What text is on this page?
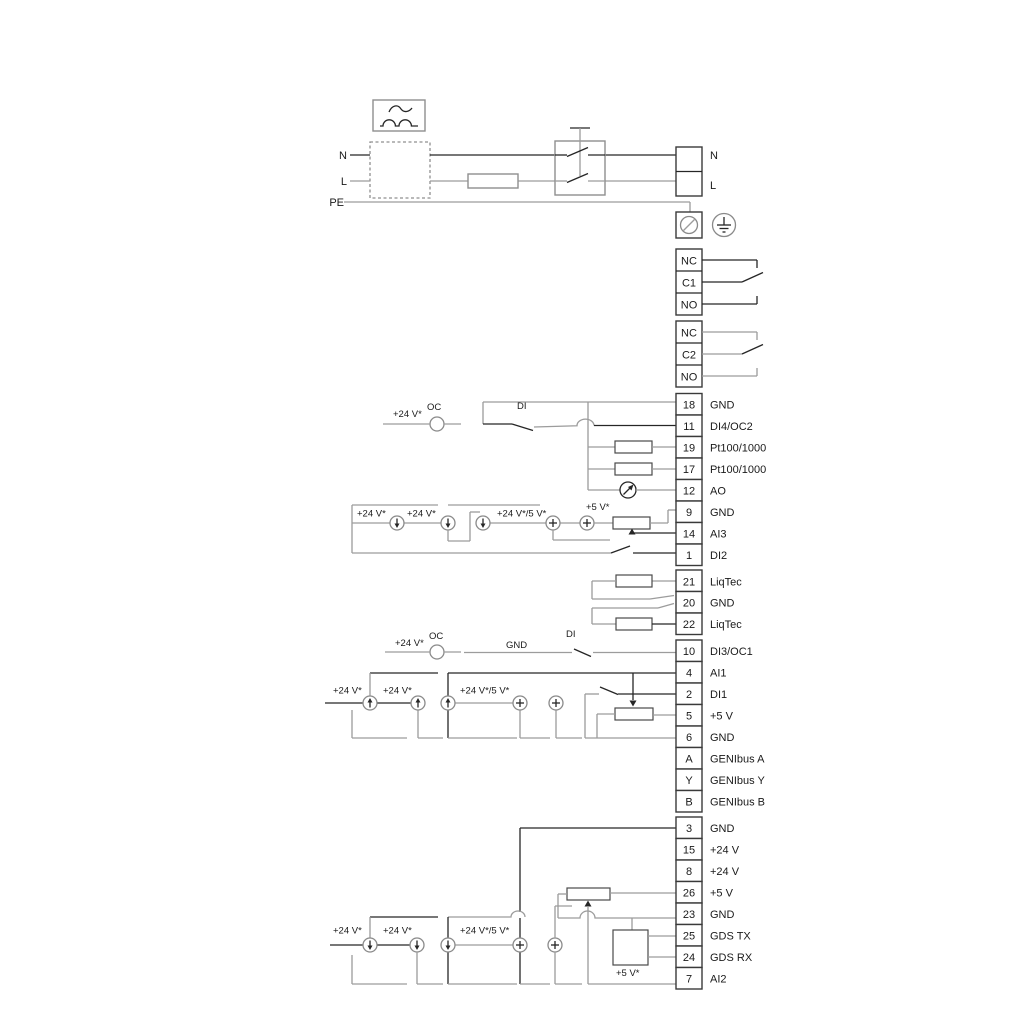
N
L
PE
N
L
NC
C1
NO
NC
C2
NO
+24 V*
OC	DI
+24 V* +24 V*	+24 V*/5 V*
+5 V*
+24 V*
OC
GND
DI
+24 V* +24 V*	+24 V*/5 V*
+24 V* +24 V*	+24 V*/5 V*
+5 V*
18 GND
11 DI4/OC2
19 Pt100/1000
17 Pt100/1000
12 AO
9 GND
14 AI3
1 DI2
21 LiqTec
20 GND
22 LiqTec
10 DI3/OC1
4 AI1
2 DI1
5 +5 V
6 GND
A GENIbus A
Y GENIbus Y
B GENIbus B
3 GND
15 +24 V
8 +24 V
26 +5 V
23 GND
25 GDS TX
24 GDS RX
7 AI2
